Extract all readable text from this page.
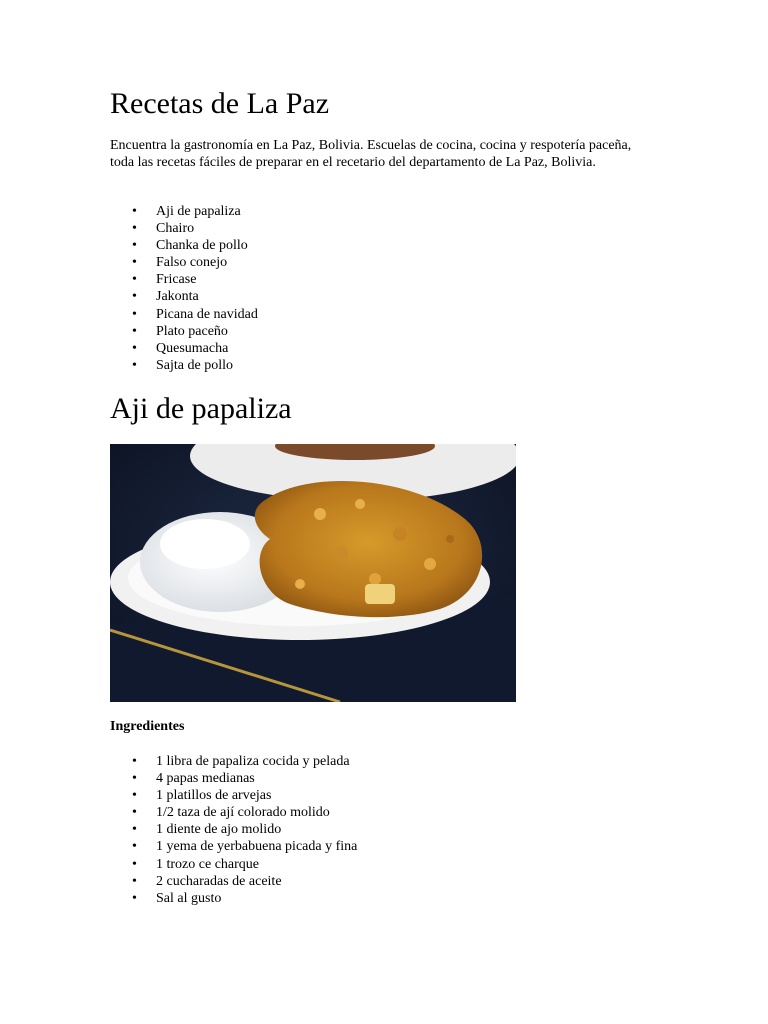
Recetas de La Paz

Encuentra la gastronomía en La Paz, Bolivia. Escuelas de cocina, cocina y respotería paceña, toda las recetas fáciles de preparar en el recetario del departamento de La Paz, Bolivia.

• Aji de papaliza
• Chairo
• Chanka de pollo
• Falso conejo
• Fricase
• Jakonta
• Picana de navidad
• Plato paceño
• Quesumacha
• Sajta de pollo
Aji de papaliza

Ingredientes

• 1 libra de papaliza cocida y pelada
• 4 papas medianas
• 1 platillos de arvejas
• 1/2 taza de ají colorado molido
• 1 diente de ajo molido
• 1 yema de yerbabuena picada y fina
• 1 trozo ce charque
• 2 cucharadas de aceite
• Sal al gusto
